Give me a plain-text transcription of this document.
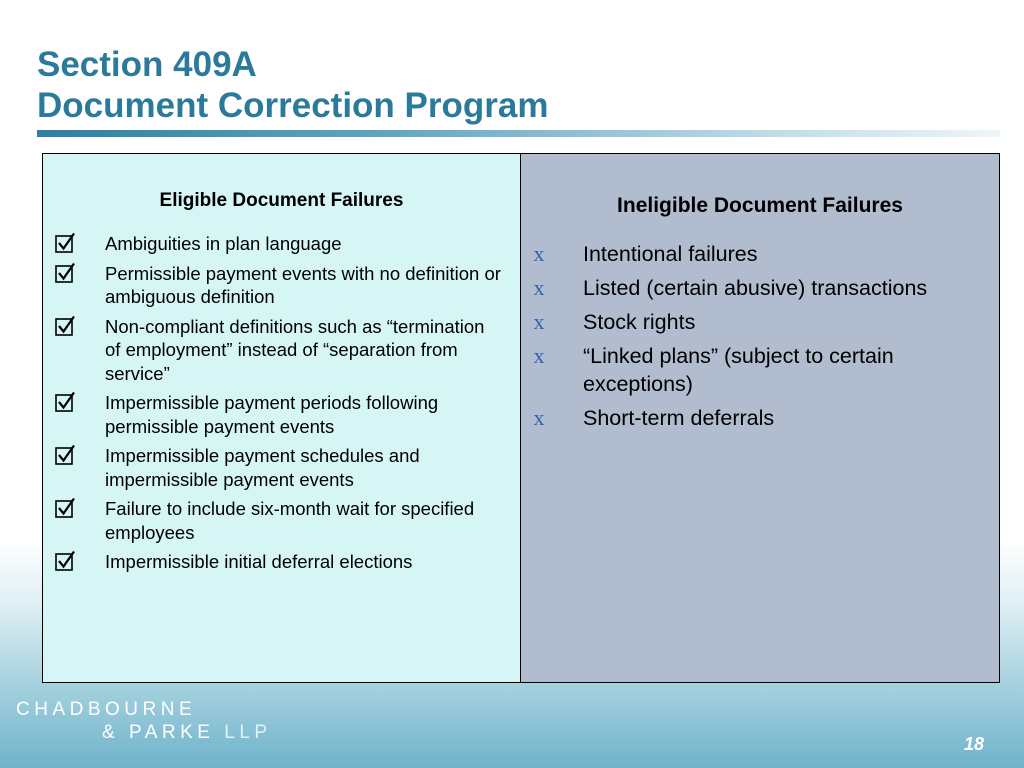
Section 409A
Document Correction Program
Eligible Document Failures
Ambiguities in plan language
Permissible payment events with no definition or ambiguous definition
Non-compliant definitions such as “termination of employment” instead of “separation from service”
Impermissible payment periods following permissible payment events
Impermissible payment schedules and impermissible payment events
Failure to include six-month wait for specified employees
Impermissible initial deferral elections
Ineligible Document Failures
x Intentional failures
x Listed (certain abusive) transactions
x Stock rights
x “Linked plans” (subject to certain exceptions)
x Short-term deferrals
CHADBOURNE
& PARKE LLP
18
